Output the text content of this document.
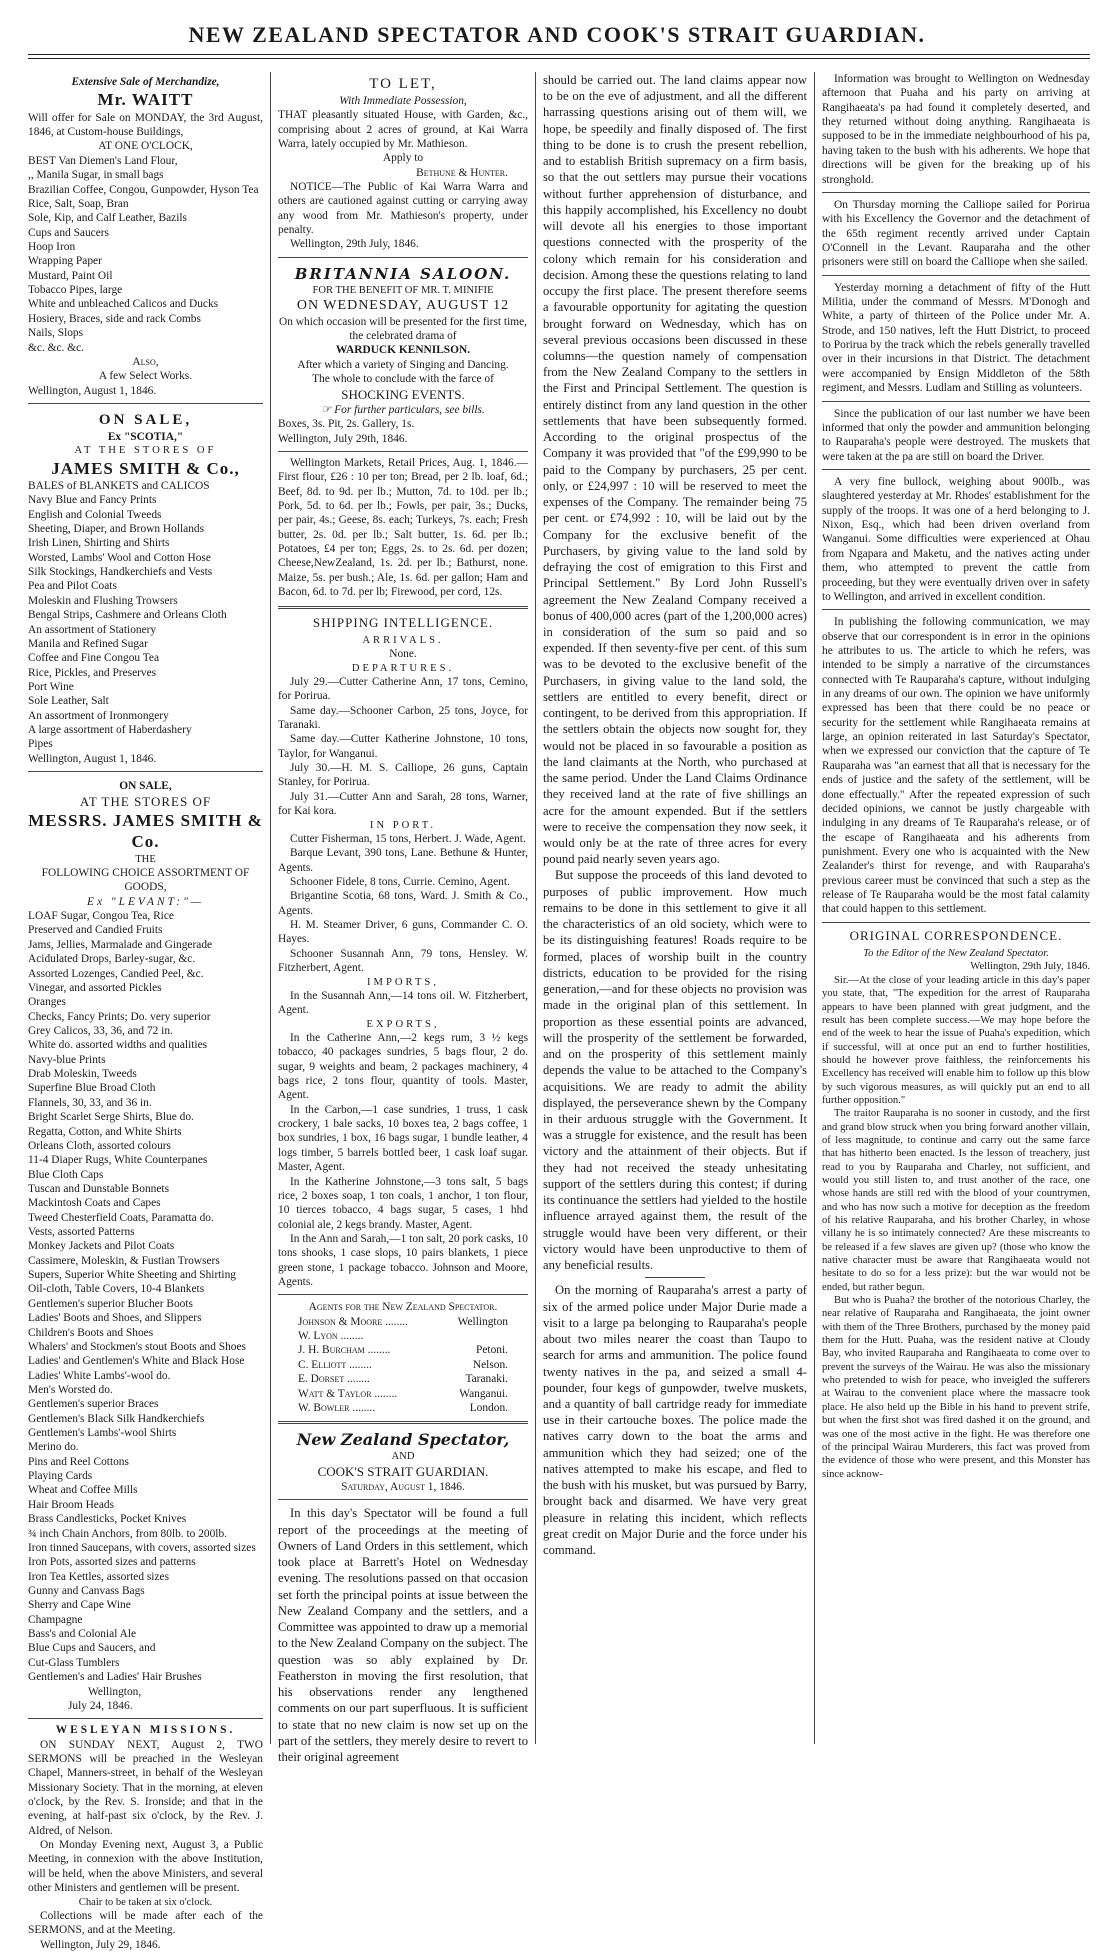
NEW ZEALAND SPECTATOR AND COOK'S STRAIT GUARDIAN.
Extensive Sale of Merchandize,
Mr. WAITT

Will offer for Sale on MONDAY, the 3rd August, 1846, at Custom-house Buildings,

AT ONE O'CLOCK,
BEST Van Diemen's Land Flour,
,, Manila Sugar, in small bags
Brazilian Coffee, Congou, Gunpowder, Hyson Tea
Rice, Salt, Soap, Bran
Sole, Kip, and Calf Leather, Bazils
Cups and Saucers
Hoop Iron
Wrapping Paper
Mustard, Paint Oil
Tobacco Pipes, large
White and unbleached Calicos and Ducks
Hosiery, Braces, side and rack Combs
Nails, Slops
&c. &c. &c.
Also,
A few Select Works.
Wellington, August 1, 1846.
ON SALE,
Ex "SCOTIA,"
AT THE STORES OF
JAMES SMITH & Co.,
BALES of BLANKETS and CALICOS
Navy Blue and Fancy Prints
English and Colonial Tweeds
Sheeting, Diaper, and Brown Hollands
Irish Linen, Shirting and Shirts
Worsted, Lambs' Wool and Cotton Hose
Silk Stockings, Handkerchiefs and Vests
Pea and Pilot Coats
Moleskin and Flushing Trowsers
Bengal Strips, Cashmere and Orleans Cloth
An assortment of Stationery
Manila and Refined Sugar
Coffee and Fine Congou Tea
Rice, Pickles, and Preserves
Port Wine
Sole Leather, Salt
An assortment of Ironmongery
A large assortment of Haberdashery
Pipes
Wellington, August 1, 1846.
ON SALE,
AT THE STORES OF
MESSRS. JAMES SMITH & Co.
THE
FOLLOWING CHOICE ASSORTMENT OF GOODS,
Ex "LEVANT:"—
LOAF Sugar, Congou Tea, Rice
Preserved and Candied Fruits
Jams, Jellies, Marmalade and Gingerade
Acidulated Drops, Barley-sugar, &c.
Assorted Lozenges, Candied Peel, &c.
Vinegar, and assorted Pickles
Oranges
Checks, Fancy Prints; Do. very superior
Grey Calicos, 33, 36, and 72 in.
White do. assorted widths and qualities
Navy-blue Prints
Drab Moleskin, Tweeds
Superfine Blue Broad Cloth
Flannels, 30, 33, and 36 in.
Bright Scarlet Serge Shirts, Blue do.
Regatta, Cotton, and White Shirts
Orleans Cloth, assorted colours
11-4 Diaper Rugs, White Counterpanes
Blue Cloth Caps
Tuscan and Dunstable Bonnets
Mackintosh Coats and Capes
Tweed Chesterfield Coats, Paramatta do.
Vests, assorted Patterns
Monkey Jackets and Pilot Coats
Cassimere, Moleskin, & Fustian Trowsers
Supers, Superior White Sheeting and Shirting
Oil-cloth, Table Covers, 10-4 Blankets
Gentlemen's superior Blucher Boots
Ladies' Boots and Shoes, and Slippers
Children's Boots and Shoes
Whalers' and Stockmen's stout Boots and Shoes
Ladies' and Gentlemen's White and Black Hose
Ladies' White Lambs'-wool do.
Men's Worsted do.
Gentlemen's superior Braces
Gentlemen's Black Silk Handkerchiefs
Gentlemen's Lambs'-wool Shirts
Merino do.
Pins and Reel Cottons
Playing Cards
Wheat and Coffee Mills
Hair Broom Heads
Brass Candlesticks, Pocket Knives
¾ inch Chain Anchors, from 80lb. to 200lb.
Iron tinned Saucepans, with covers, assorted sizes
Iron Pots, assorted sizes and patterns
Iron Tea Kettles, assorted sizes
Gunny and Canvass Bags
Sherry and Cape Wine
Champagne
Bass's and Colonial Ale
Blue Cups and Saucers, and
Cut-Glass Tumblers
Gentlemen's and Ladies' Hair Brushes
Wellington,
July 24, 1846.
WESLEYAN MISSIONS.

ON SUNDAY NEXT, August 2, TWO SERMONS will be preached in the Wesleyan Chapel, Manners-street, in behalf of the Wesleyan Missionary Society. That in the morning, at eleven o'clock, by the Rev. S. Ironside; and that in the evening, at half-past six o'clock, by the Rev. J. Aldred, of Nelson.

On Monday Evening next, August 3, a Public Meeting, in connexion with the above Institution, will be held, when the above Ministers, and several other Ministers and gentlemen will be present.

Chair to be taken at six o'clock.

Collections will be made after each of the SERMONS, and at the Meeting.

Wellington, July 29, 1846.
TO LET,
With Immediate Possession,

THAT pleasantly situated House, with Garden, &c., comprising about 2 acres of ground, at Kai Warra Warra, lately occupied by Mr. Mathieson.

Apply to
Bethune & Hunter.

NOTICE—The Public of Kai Warra Warra and others are cautioned against cutting or carrying away any wood from Mr. Mathieson's property, under penalty.

Wellington, 29th July, 1846.
BRITANNIA SALOON.
FOR THE BENEFIT OF MR. T. MINIFIE
ON WEDNESDAY, AUGUST 12
On which occasion will be presented for the first time, the celebrated drama of
WARDUCK KENNILSON.
After which a variety of Singing and Dancing.
The whole to conclude with the farce of
SHOCKING EVENTS.
☞ For further particulars, see bills.
Boxes, 3s. Pit, 2s. Gallery, 1s.
Wellington, July 29th, 1846.

Wellington Markets, Retail Prices, Aug. 1, 1846.— First flour, £26 : 10 per ton; Bread, per 2 lb. loaf, 6d.; Beef, 8d. to 9d. per lb.; Mutton, 7d. to 10d. per lb.; Pork, 5d. to 6d. per lb.; Fowls, per pair, 3s.; Ducks, per pair, 4s.; Geese, 8s. each; Turkeys, 7s. each; Fresh butter, 2s. 0d. per lb.; Salt butter, 1s. 6d. per lb.; Potatoes, £4 per ton; Eggs, 2s. to 2s. 6d. per dozen; Cheese,NewZealand, 1s. 2d. per lb.; Bathurst, none. Maize, 5s. per bush.; Ale, 1s. 6d. per gallon; Ham and Bacon, 6d. to 7d. per lb; Firewood, per cord, 12s.

SHIPPING INTELLIGENCE.
ARRIVALS.
None.
DEPARTURES.

July 29.—Cutter Catherine Ann, 17 tons, Cemino, for Porirua.

Same day.—Schooner Carbon, 25 tons, Joyce, for Taranaki.

Same day.—Cutter Katherine Johnstone, 10 tons, Taylor, for Wanganui.

July 30.—H. M. S. Calliope, 26 guns, Captain Stanley, for Porirua.

July 31.—Cutter Ann and Sarah, 28 tons, Warner, for Kai kora.

IN PORT.

Cutter Fisherman, 15 tons, Herbert. J. Wade, Agent.

Barque Levant, 390 tons, Lane. Bethune & Hunter, Agents.

Schooner Fidele, 8 tons, Currie. Cemino, Agent.

Brigantine Scotia, 68 tons, Ward. J. Smith & Co., Agents.

H. M. Steamer Driver, 6 guns, Commander C. O. Hayes.

Schooner Susannah Ann, 79 tons, Hensley. W. Fitzherbert, Agent.

IMPORTS,

In the Susannah Ann,—14 tons oil. W. Fitzherbert, Agent.

EXPORTS,

In the Catherine Ann,—2 kegs rum, 3 ½ kegs tobacco, 40 packages sundries, 5 bags flour, 2 do. sugar, 9 weights and beam, 2 packages machinery, 4 bags rice, 2 tons flour, quantity of tools. Master, Agent.

In the Carbon,—1 case sundries, 1 truss, 1 cask crockery, 1 bale sacks, 10 boxes tea, 2 bags coffee, 1 box sundries, 1 box, 16 bags sugar, 1 bundle leather, 4 logs timber, 5 barrels bottled beer, 1 cask loaf sugar. Master, Agent.

In the Katherine Johnstone,—3 tons salt, 5 bags rice, 2 boxes soap, 1 ton coals, 1 anchor, 1 ton flour, 10 tierces tobacco, 4 bags sugar, 5 cases, 1 hhd colonial ale, 2 kegs brandy. Master, Agent.

In the Ann and Sarah,—1 ton salt, 20 pork casks, 10 tons shooks, 1 case slops, 10 pairs blankets, 1 piece green stone, 1 package tobacco. Johnson and Moore, Agents.

Agents for the New Zealand Spectator.
Johnson & Moore ........	Wellington
W. Lyon ........
J. H. Burcham ........	Petoni.
C. Elliott ........	Nelson.
E. Dorset ........	Taranaki.
Watt & Taylor ........	Wanganui.
W. Bowler ........	London.
New Zealand Spectator,
AND
COOK'S STRAIT GUARDIAN.
Saturday, August 1, 1846.

In this day's Spectator will be found a full report of the proceedings at the meeting of Owners of Land Orders in this settlement, which took place at Barrett's Hotel on Wednesday evening. The resolutions passed on that occasion set forth the principal points at issue between the New Zealand Company and the settlers, and a Committee was appointed to draw up a memorial to the New Zealand Company on the subject. The question was so ably explained by Dr. Featherston in moving the first resolution, that his observations render any lengthened comments on our part superfluous. It is sufficient to state that no new claim is now set up on the part of the settlers, they merely desire to revert to their original agreement

should be carried out. The land claims appear now to be on the eve of adjustment, and all the different harrassing questions arising out of them will, we hope, be speedily and finally disposed of. The first thing to be done is to crush the present rebellion, and to establish British supremacy on a firm basis, so that the out settlers may pursue their vocations without further apprehension of disturbance, and this happily accomplished, his Excellency no doubt will devote all his energies to those important questions connected with the prosperity of the colony which remain for his consideration and decision. Among these the questions relating to land occupy the first place. The present therefore seems a favourable opportunity for agitating the question brought forward on Wednesday, which has on several previous occasions been discussed in these columns—the question namely of compensation from the New Zealand Company to the settlers in the First and Principal Settlement. The question is entirely distinct from any land question in the other settlements that have been subsequently formed. According to the original prospectus of the Company it was provided that "of the £99,990 to be paid to the Company by purchasers, 25 per cent. only, or £24,997 : 10 will be reserved to meet the expenses of the Company. The remainder being 75 per cent. or £74,992 : 10, will be laid out by the Company for the exclusive benefit of the Purchasers, by giving value to the land sold by defraying the cost of emigration to this First and Principal Settlement." By Lord John Russell's agreement the New Zealand Company received a bonus of 400,000 acres (part of the 1,200,000 acres) in consideration of the sum so paid and so expended. If then seventy-five per cent. of this sum was to be devoted to the exclusive benefit of the Purchasers, in giving value to the land sold, the settlers are entitled to every benefit, direct or contingent, to be derived from this appropriation. If the settlers obtain the objects now sought for, they would not be placed in so favourable a position as the land claimants at the North, who purchased at the same period. Under the Land Claims Ordinance they received land at the rate of five shillings an acre for the amount expended. But if the settlers were to receive the compensation they now seek, it would only be at the rate of three acres for every pound paid nearly seven years ago.

But suppose the proceeds of this land devoted to purposes of public improvement. How much remains to be done in this settlement to give it all the characteristics of an old society, which were to be its distinguishing features! Roads require to be formed, places of worship built in the country districts, education to be provided for the rising generation,—and for these objects no provision was made in the original plan of this settlement. In proportion as these essential points are advanced, will the prosperity of the settlement be forwarded, and on the prosperity of this settlement mainly depends the value to be attached to the Company's acquisitions. We are ready to admit the ability displayed, the perseverance shewn by the Company in their arduous struggle with the Government. It was a struggle for existence, and the result has been victory and the attainment of their objects. But if they had not received the steady unhesitating support of the settlers during this contest; if during its continuance the settlers had yielded to the hostile influence arrayed against them, the result of the struggle would have been very different, or their victory would have been unproductive to them of any beneficial results.

On the morning of Rauparaha's arrest a party of six of the armed police under Major Durie made a visit to a large pa belonging to Rauparaha's people about two miles nearer the coast than Taupo to search for arms and ammunition. The police found twenty natives in the pa, and seized a small 4-pounder, four kegs of gunpowder, twelve muskets, and a quantity of ball cartridge ready for immediate use in their cartouche boxes. The police made the natives carry down to the boat the arms and ammunition which they had seized; one of the natives attempted to make his escape, and fled to the bush with his musket, but was pursued by Barry, brought back and disarmed. We have very great pleasure in relating this incident, which reflects great credit on Major Durie and the force under his command.

Information was brought to Wellington on Wednesday afternoon that Puaha and his party on arriving at Rangihaeata's pa had found it completely deserted, and they returned without doing anything. Rangihaeata is supposed to be in the immediate neighbourhood of his pa, having taken to the bush with his adherents. We hope that directions will be given for the breaking up of his stronghold.

On Thursday morning the Calliope sailed for Porirua with his Excellency the Governor and the detachment of the 65th regiment recently arrived under Captain O'Connell in the Levant. Rauparaha and the other prisoners were still on board the Calliope when she sailed.

Yesterday morning a detachment of fifty of the Hutt Militia, under the command of Messrs. M'Donogh and White, a party of thirteen of the Police under Mr. A. Strode, and 150 natives, left the Hutt District, to proceed to Porirua by the track which the rebels generally travelled over in their incursions in that District. The detachment were accompanied by Ensign Middleton of the 58th regiment, and Messrs. Ludlam and Stilling as volunteers.

Since the publication of our last number we have been informed that only the powder and ammunition belonging to Rauparaha's people were destroyed. The muskets that were taken at the pa are still on board the Driver.

A very fine bullock, weighing about 900lb., was slaughtered yesterday at Mr. Rhodes' establishment for the supply of the troops. It was one of a herd belonging to J. Nixon, Esq., which had been driven overland from Wanganui. Some difficulties were experienced at Ohau from Ngapara and Maketu, and the natives acting under them, who attempted to prevent the cattle from proceeding, but they were eventually driven over in safety to Wellington, and arrived in excellent condition.

In publishing the following communication, we may observe that our correspondent is in error in the opinions he attributes to us. The article to which he refers, was intended to be simply a narrative of the circumstances connected with Te Rauparaha's capture, without indulging in any dreams of our own. The opinion we have uniformly expressed has been that there could be no peace or security for the settlement while Rangihaeata remains at large, an opinion reiterated in last Saturday's Spectator, when we expressed our conviction that the capture of Te Rauparaha was "an earnest that all that is necessary for the ends of justice and the safety of the settlement, will be done effectually." After the repeated expression of such decided opinions, we cannot be justly chargeable with indulging in any dreams of Te Rauparaha's release, or of the escape of Rangihaeata and his adherents from punishment. Every one who is acquainted with the New Zealander's thirst for revenge, and with Rauparaha's previous career must be convinced that such a step as the release of Te Rauparaha would be the most fatal calamity that could happen to this settlement.

ORIGINAL CORRESPONDENCE.
To the Editor of the New Zealand Spectator.
Wellington, 29th July, 1846.

Sir.—At the close of your leading article in this day's paper you state, that, "The expedition for the arrest of Rauparaha appears to have been planned with great judgment, and the result has been complete success.—We may hope before the end of the week to hear the issue of Puaha's expedition, which if successful, will at once put an end to further hostilities, should he however prove faithless, the reinforcements his Excellency has received will enable him to follow up this blow by such vigorous measures, as will quickly put an end to all further opposition."

The traitor Rauparaha is no sooner in custody, and the first and grand blow struck when you bring forward another villain, of less magnitude, to continue and carry out the same farce that has hitherto been enacted. Is the lesson of treachery, just read to you by Rauparaha and Charley, not sufficient, and would you still listen to, and trust another of the race, one whose hands are still red with the blood of your countrymen, and who has now such a motive for deception as the freedom of his relative Rauparaha, and his brother Charley, in whose villany he is so intimately connected? Are these miscreants to be released if a few slaves are given up? (those who know the native character must be aware that Rangihaeata would not hesitate to do so for a less prize): but the war would not be ended, but rather begun.

But who is Puaha? the brother of the notorious Charley, the near relative of Rauparaha and Rangihaeata, the joint owner with them of the Three Brothers, purchased by the money paid them for the Hutt. Puaha, was the resident native at Cloudy Bay, who invited Rauparaha and Rangihaeata to come over to prevent the surveys of the Wairau. He was also the missionary who pretended to wish for peace, who inveigled the sufferers at Wairau to the convenient place where the massacre took place. He also held up the Bible in his hand to prevent strife, but when the first shot was fired dashed it on the ground, and was one of the most active in the fight. He was therefore one of the principal Wairau Murderers, this fact was proved from the evidence of those who were present, and this Monster has since acknow-
